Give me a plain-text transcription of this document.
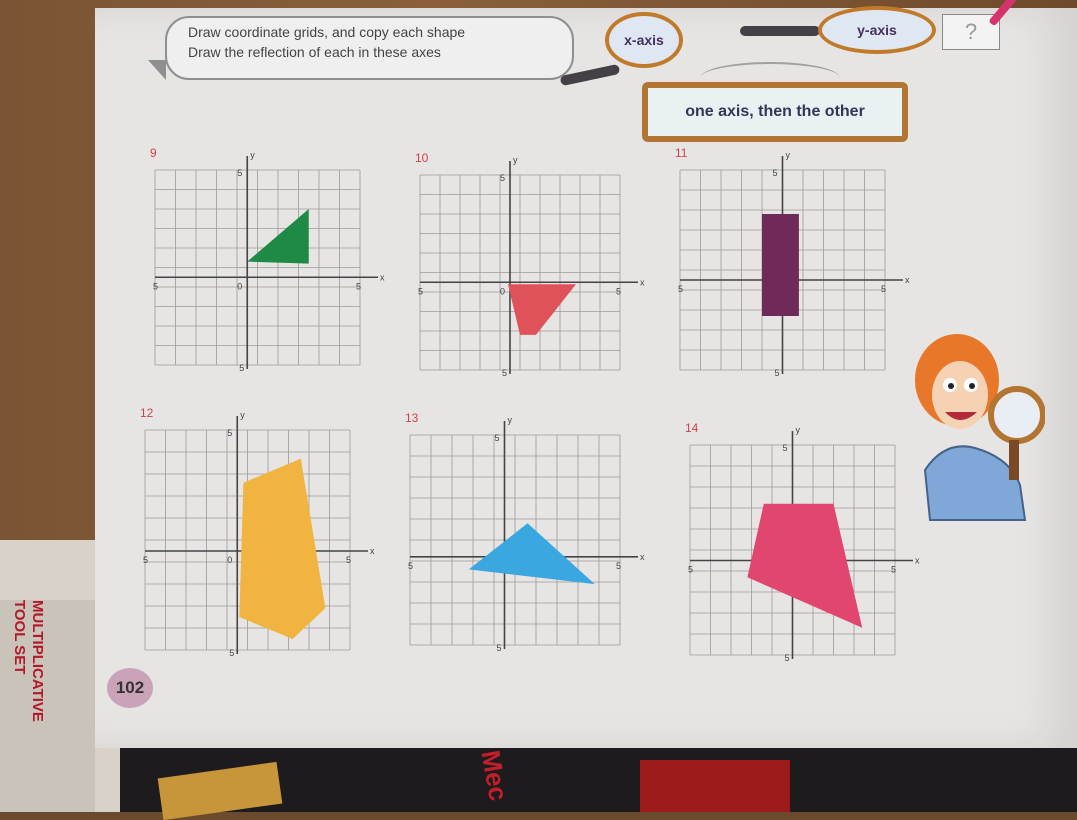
MULTIPLICATIVE TOOL SET
Mec
Draw coordinate grids, and copy each shape
Draw the reflection of each in these axes
x-axis
y-axis	?
one axis, then the other
102
9
5	5
0
5
5
x
y	10
5	5
0
5
5
x
y	11
5	5
5
5
x
y
12
5	5
0
5
5
x
y	13
5	5
5
5
x
y
14
5	5
5
5
x
y
